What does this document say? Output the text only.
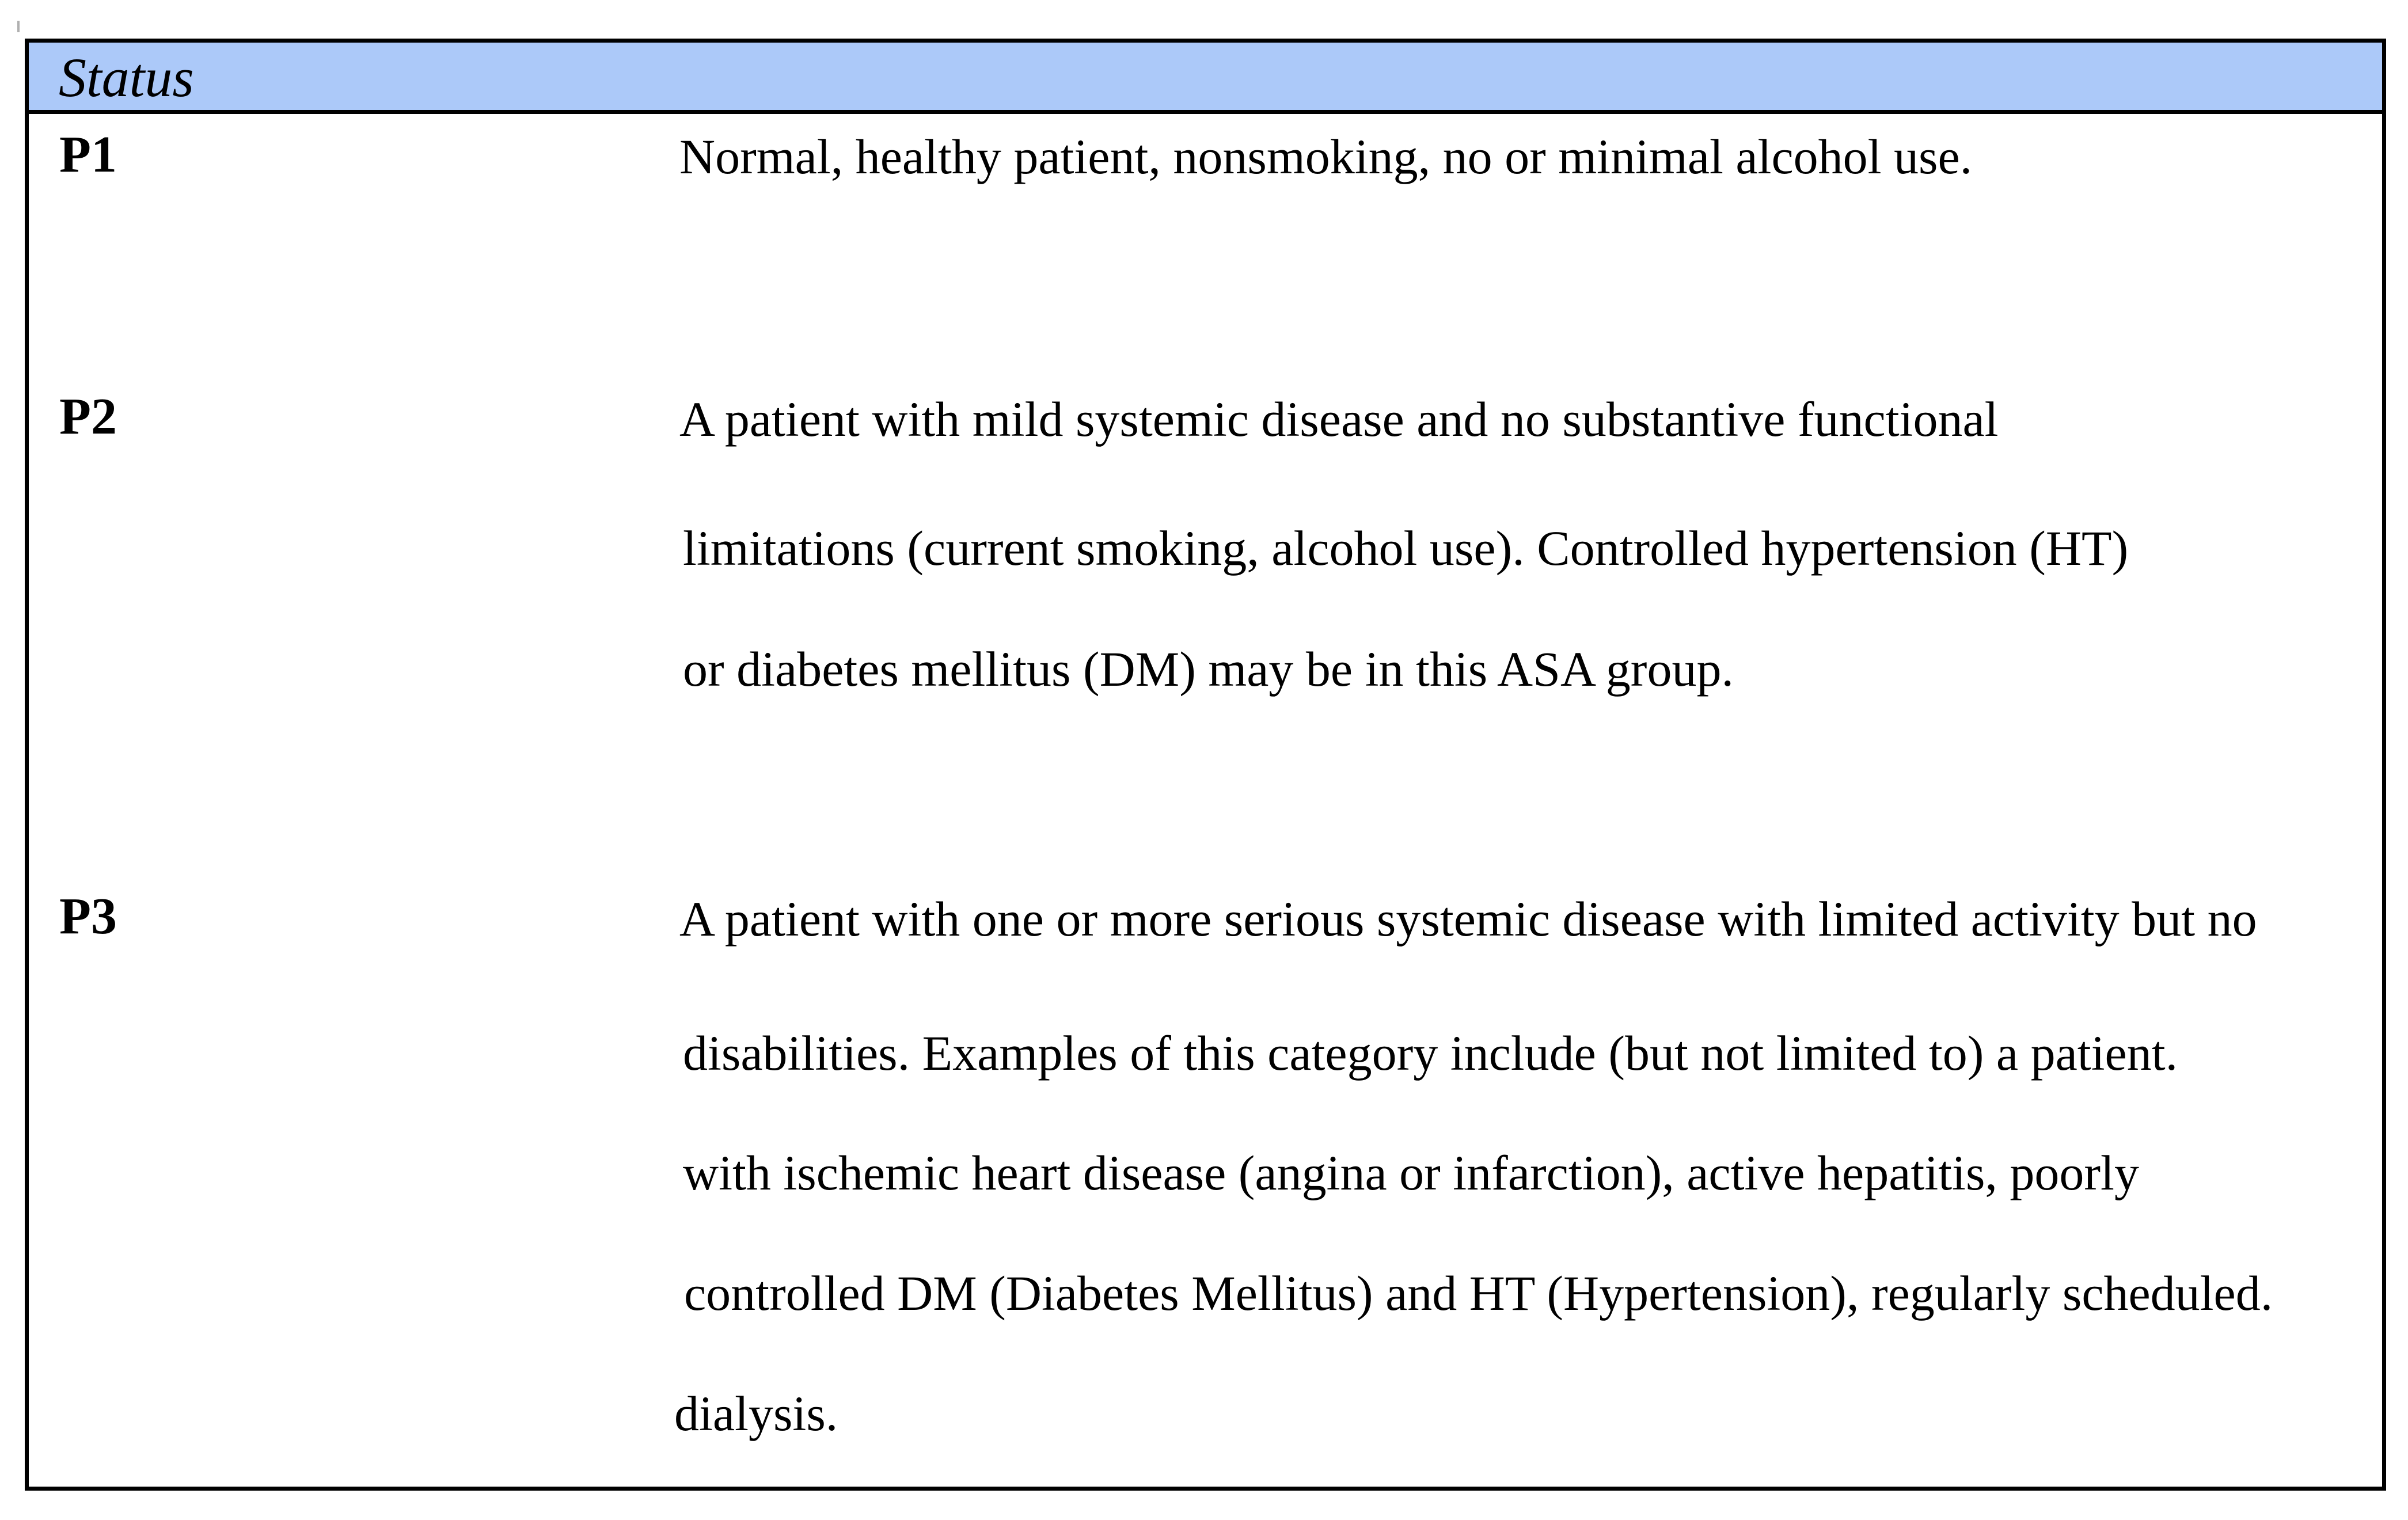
Status
P1	Normal, healthy patient, nonsmoking, no or minimal alcohol use.
P2	A patient with mild systemic disease and no substantive functional
limitations (current smoking, alcohol use). Controlled hypertension (HT)
or diabetes mellitus (DM) may be in this ASA group.
P3	A patient with one or more serious systemic disease with limited activity but no
disabilities. Examples of this category include (but not limited to) a patient.
with ischemic heart disease (angina or infarction), active hepatitis, poorly
controlled DM (Diabetes Mellitus) and HT (Hypertension), regularly scheduled.
dialysis.
